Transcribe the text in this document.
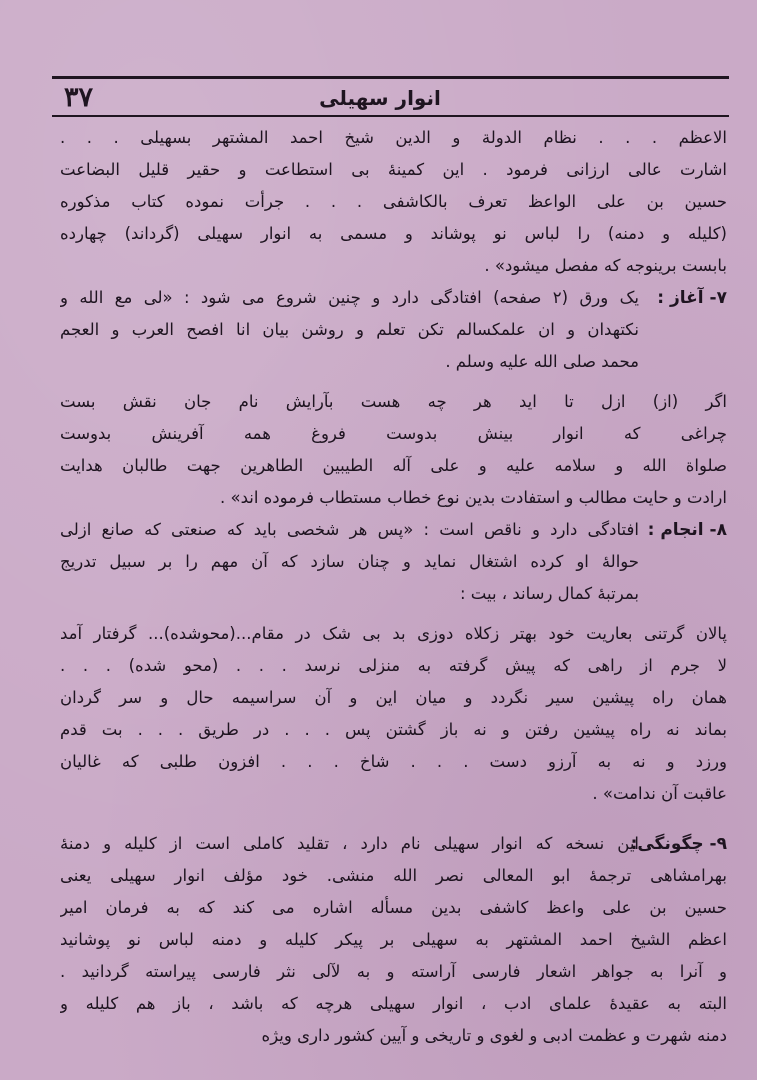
۳۷	انوار سهیلی
الاعظم . . . نظام الدولة و الدین شیخ احمد المشتهر بسهیلی . . .
اشارت عالی ارزانی فرمود . این کمینهٔ بی استطاعت و حقیر قلیل البضاعت
حسین بن علی الواعظ تعرف بالکاشفی . . . جرأت نموده کتاب مذکوره
(کلیله و دمنه) را لباس نو پوشاند و مسمی به انوار سهیلی (گرداند) چهارده
بابست برینوجه که مفصل میشود» .
۷- آغاز :
یک ورق (۲ صفحه) افتادگی دارد و چنین شروع می شود : «لی مع الله و
نکتهدان و ان علمکسالم تکن تعلم و روشن بیان انا افصح العرب و العجم
محمد صلی الله علیه وسلم .
اگر (از) ازل تا اید هر چه هست بآرایش نام جان نقش بست
چراغی که انوار بینش بدوست فروغ همه آفرینش بدوست
صلواة الله و سلامه علیه و علی آله الطیبین الطاهرین جهت طالبان هدایت
ارادت و حایت مطالب و استفادت بدین نوع خطاب مستطاب فرموده اند» .
۸- انجام :
افتادگی دارد و ناقص است : «پس هر شخصی باید که صنعتی که صانع ازلی
حوالهٔ او کرده اشتغال نماید و چنان سازد که آن مهم را بر سبیل تدریج
بمرتبهٔ کمال رساند ، بیت :
پالان گرتنی بعاریت خود بهتر زکلاه دوزی بد بی شک در مقام...(محوشده)... گرفتار آمد
لا جرم از راهی که پیش گرفته به منزلی نرسد . . . (محو شده) . . .
همان راه پیشین سیر نگردد و میان این و آن سراسیمه حال و سر گردان
بماند نه راه پیشین رفتن و نه باز گشتن پس . . . در طریق . . . بت قدم
ورزد و نه به آرزو دست . . . شاخ . . . افزون طلبی که غالیان
عاقبت آن ندامت» .
۹- چگونگی:
این نسخه که انوار سهیلی نام دارد ، تقلید کاملی است از کلیله و دمنهٔ
بهرامشاهی ترجمهٔ ابو المعالی نصر الله منشی. خود مؤلف انوار سهیلی یعنی
حسین بن علی واعظ کاشفی بدین مسأله اشاره می کند که به فرمان امیر
اعظم الشیخ احمد المشتهر به سهیلی بر پیکر کلیله و دمنه لباس نو پوشانید
و آنرا به جواهر اشعار فارسی آراسته و به لآلی نثر فارسی پیراسته گردانید .
البته به عقیدهٔ علمای ادب ، انوار سهیلی هرچه که باشد ، باز هم کلیله و
دمنه شهرت و عظمت ادبی و لغوی و تاریخی و آیین کشور داری ویژه
